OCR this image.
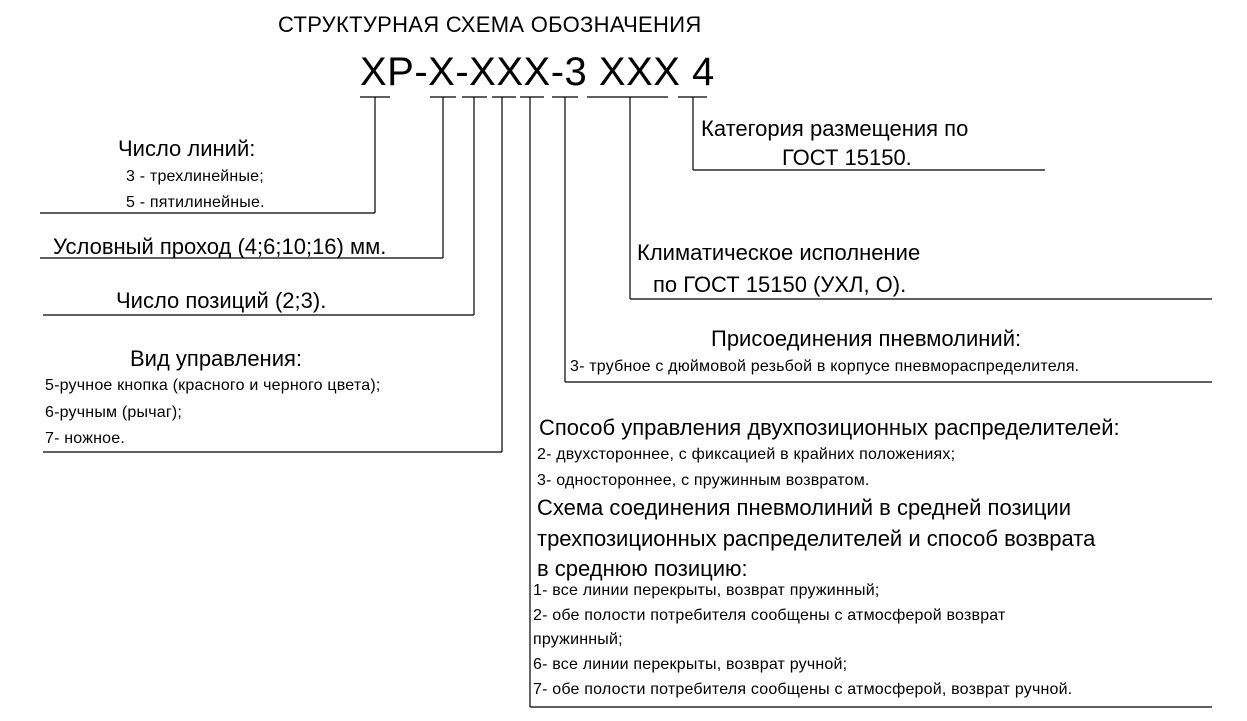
СТРУКТУРНАЯ СХЕМА ОБОЗНАЧЕНИЯ
ХР-Х-ХХХ-3 ХХХ 4
Число линий:
3 - трехлинейные;
5 - пятилинейные.
Условный проход (4;6;10;16) мм.
Число позиций (2;3).
Вид управления:
5-ручное кнопка (красного и черного цвета);
6-ручным (рычаг);
7- ножное.
Категория размещения по
ГОСТ 15150.
Климатическое исполнение
по ГОСТ 15150 (УХЛ, О).
Присоединения пневмолиний:
3- трубное с дюймовой резьбой в корпусе пневмораспределителя.
Способ управления двухпозиционных распределителей:
2- двухстороннее, с фиксацией в крайних положениях;
3- одностороннее, с пружинным возвратом.
Схема соединения пневмолиний в средней позиции
трехпозиционных распределителей и способ возврата
в среднюю позицию:
1- все линии перекрыты, возврат пружинный;
2- обе полости потребителя сообщены с атмосферой возврат
пружинный;
6- все линии перекрыты, возврат ручной;
7- обе полости потребителя сообщены с атмосферой, возврат ручной.
